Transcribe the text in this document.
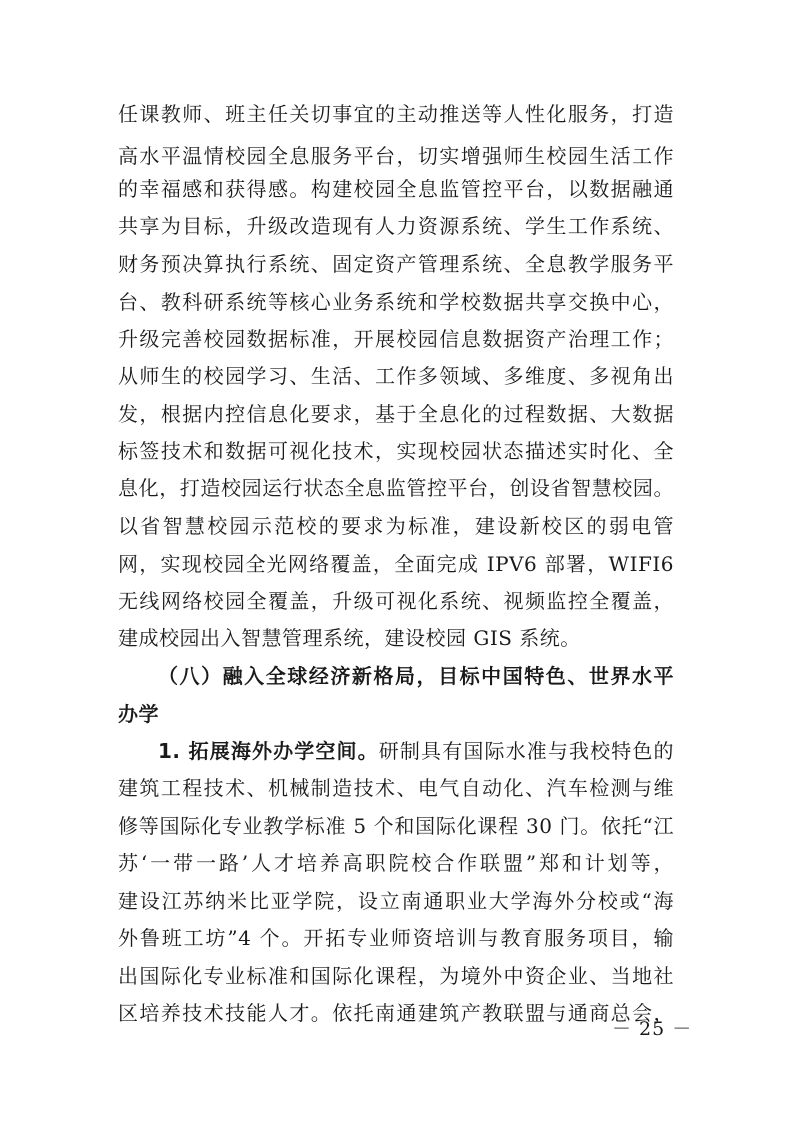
任课教师、班主任关切事宜的主动推送等人性化服务，打造
高水平温情校园全息服务平台，切实增强师生校园生活工作
的幸福感和获得感。构建校园全息监管控平台，以数据融通
共享为目标，升级改造现有人力资源系统、学生工作系统、
财务预决算执行系统、固定资产管理系统、全息教学服务平
台、教科研系统等核心业务系统和学校数据共享交换中心，
升级完善校园数据标准，开展校园信息数据资产治理工作；
从师生的校园学习、生活、工作多领域、多维度、多视角出
发，根据内控信息化要求，基于全息化的过程数据、大数据
标签技术和数据可视化技术，实现校园状态描述实时化、全
息化，打造校园运行状态全息监管控平台，创设省智慧校园。
以省智慧校园示范校的要求为标准，建设新校区的弱电管
网，实现校园全光网络覆盖，全面完成 IPV6 部署，WIFI6
无线网络校园全覆盖，升级可视化系统、视频监控全覆盖，
建成校园出入智慧管理系统，建设校园 GIS 系统。
（八）融入全球经济新格局，目标中国特色、世界水平
办学
1. 拓展海外办学空间。研制具有国际水准与我校特色的
建筑工程技术、机械制造技术、电气自动化、汽车检测与维
修等国际化专业教学标准 5 个和国际化课程 30 门。依托“江
苏‘一带一路’人才培养高职院校合作联盟”郑和计划等，
建设江苏纳米比亚学院，设立南通职业大学海外分校或“海
外鲁班工坊”4 个。开拓专业师资培训与教育服务项目，输
出国际化专业标准和国际化课程，为境外中资企业、当地社
区培养技术技能人才。依托南通建筑产教联盟与通商总会，
－ 25 －
